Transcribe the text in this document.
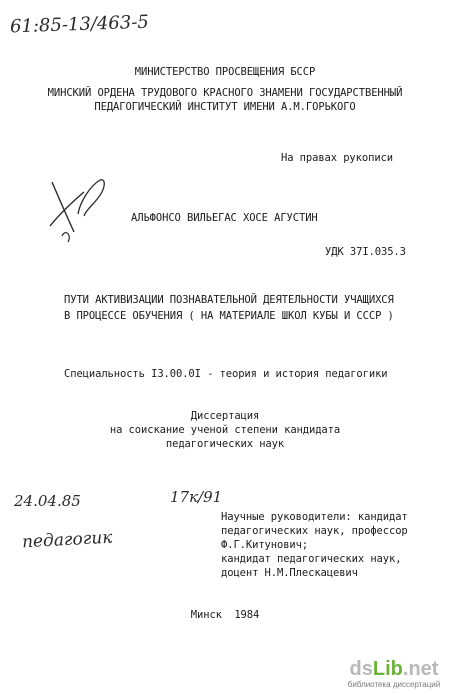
61:85-13/463-5
МИНИСТЕРСТВО ПРОСВЕЩЕНИЯ БССР
МИНСКИЙ ОРДЕНА ТРУДОВОГО КРАСНОГО ЗНАМЕНИ ГОСУДАРСТВЕННЫЙ
ПЕДАГОГИЧЕСКИЙ ИНСТИТУТ ИМЕНИ А.М.ГОРЬКОГО
На правах рукописи
АЛЬФОНСО ВИЛЬЕГАС ХОСЕ АГУСТИН
УДК 37I.035.3
ПУТИ АКТИВИЗАЦИИ ПОЗНАВАТЕЛЬНОЙ ДЕЯТЕЛЬНОСТИ УЧАЩИХСЯ
В ПРОЦЕССЕ ОБУЧЕНИЯ ( НА МАТЕРИАЛЕ ШКОЛ КУБЫ И СССР )
Специальность I3.00.0I - теория и история педагогики
Диссертация
на соискание ученой степени кандидата
педагогических наук
24.04.85	17к/91
педагогик
Научные руководители: кандидат
педагогических наук, профессор
Ф.Г.Китунович;
кандидат педагогических наук,
доцент Н.М.Плескацевич
Минск  1984
dsLib.net
библиотека диссертаций
